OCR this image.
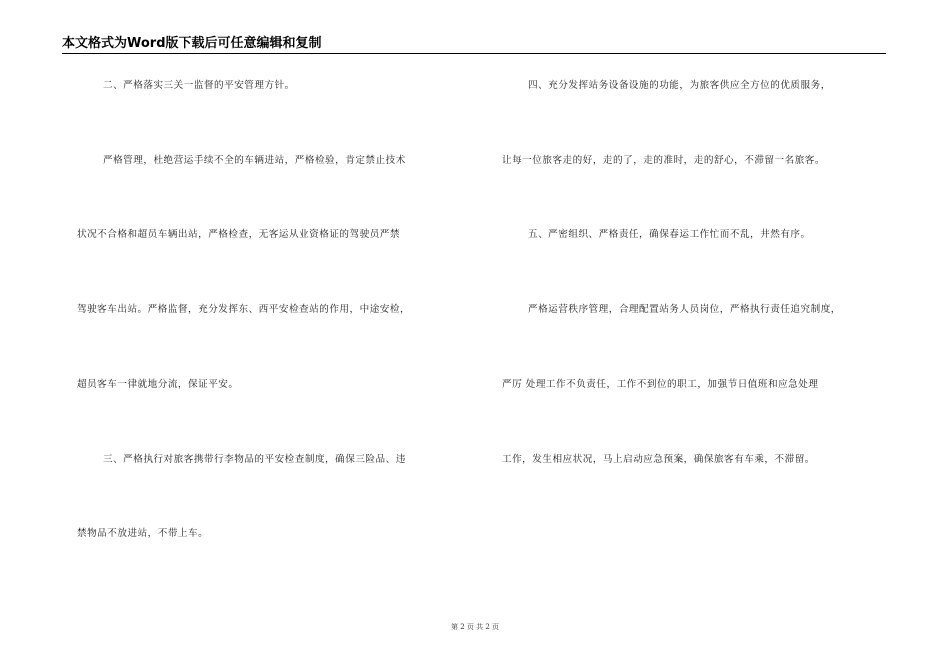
本文格式为Word版下载后可任意编辑和复制
二、严格落实三关一监督的平安管理方针。
严格管理，杜绝营运手续不全的车辆进站，严格检验，肯定禁止技术
状况不合格和超员车辆出站，严格检查，无客运从业资格证的驾驶员严禁
驾驶客车出站。严格监督，充分发挥东、西平安检查站的作用，中途安检，
超员客车一律就地分流，保证平安。
三、严格执行对旅客携带行李物品的平安检查制度，确保三险品、违
禁物品不放进站，不带上车。
四、充分发挥站务设备设施的功能，为旅客供应全方位的优质服务，
让每一位旅客走的好，走的了，走的准时，走的舒心，不滞留一名旅客。
五、严密组织、严格责任，确保春运工作忙而不乱，井然有序。
严格运营秩序管理，合理配置站务人员岗位，严格执行责任追究制度，
严厉 处理工作不负责任，工作不到位的职工，加强节日值班和应急处理
工作，发生相应状况，马上启动应急预案，确保旅客有车乘，不滞留。
第 2 页 共 2 页
